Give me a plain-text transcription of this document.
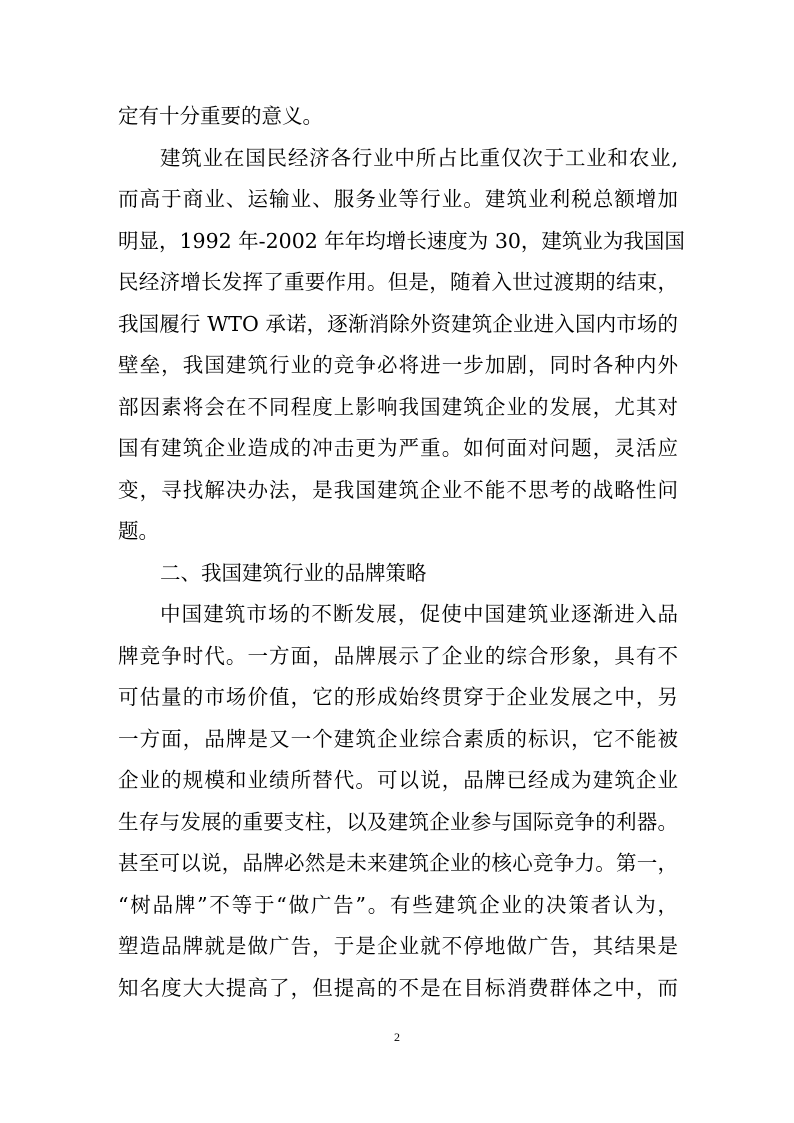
定有十分重要的意义。
建筑业在国民经济各行业中所占比重仅次于工业和农业,
而高于商业、运输业、服务业等行业。建筑业利税总额增加
明显，1992 年-2002 年年均增长速度为 30，建筑业为我国国
民经济增长发挥了重要作用。但是，随着入世过渡期的结束，
我国履行 WTO 承诺，逐渐消除外资建筑企业进入国内市场的
壁垒，我国建筑行业的竞争必将进一步加剧，同时各种内外
部因素将会在不同程度上影响我国建筑企业的发展，尤其对
国有建筑企业造成的冲击更为严重。如何面对问题，灵活应
变，寻找解决办法，是我国建筑企业不能不思考的战略性问
题。
二、我国建筑行业的品牌策略
中国建筑市场的不断发展，促使中国建筑业逐渐进入品
牌竞争时代。一方面，品牌展示了企业的综合形象，具有不
可估量的市场价值，它的形成始终贯穿于企业发展之中，另
一方面，品牌是又一个建筑企业综合素质的标识，它不能被
企业的规模和业绩所替代。可以说，品牌已经成为建筑企业
生存与发展的重要支柱，以及建筑企业参与国际竞争的利器。
甚至可以说，品牌必然是未来建筑企业的核心竞争力。第一，
“树品牌”不等于“做广告”。有些建筑企业的决策者认为，
塑造品牌就是做广告，于是企业就不停地做广告，其结果是
知名度大大提高了，但提高的不是在目标消费群体之中，而
2
